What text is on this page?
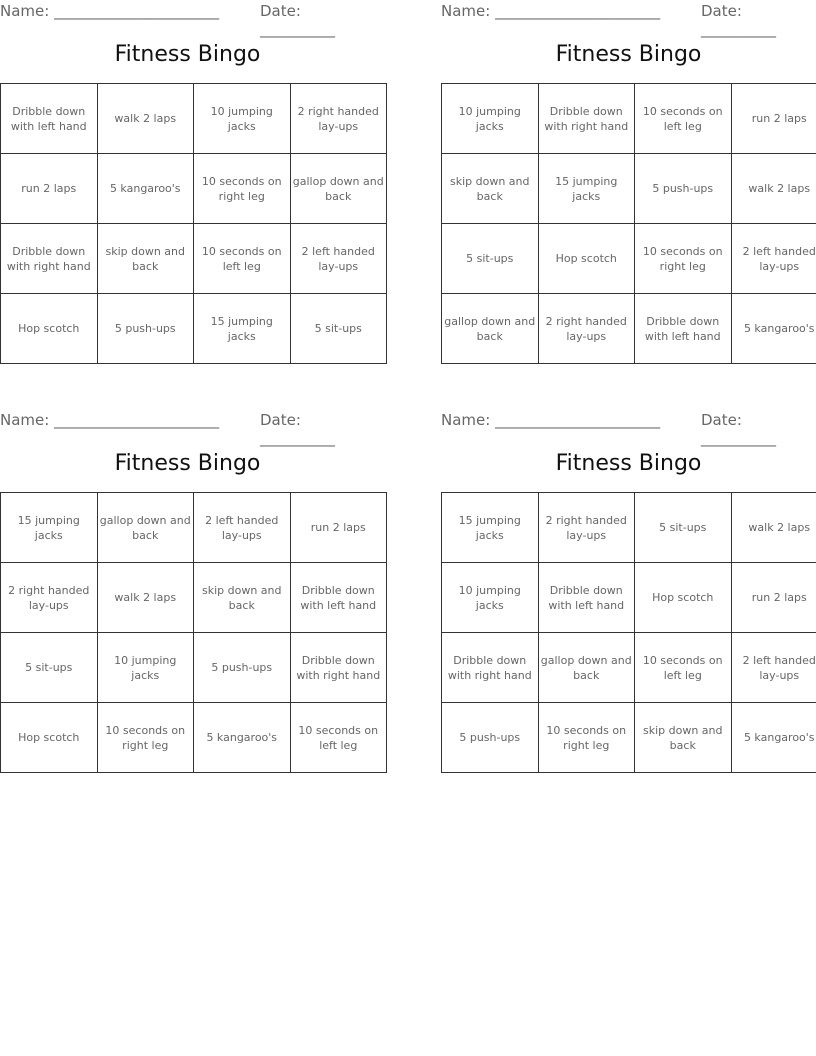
Name: ______________________	Date: __________
Fitness Bingo
Dribble down with left hand	walk 2 laps	10 jumping jacks	2 right handed lay-ups
run 2 laps	5 kangaroo's	10 seconds on right leg	gallop down and back
Dribble down with right hand	skip down and back	10 seconds on left leg	2 left handed lay-ups
Hop scotch	5 push-ups	15 jumping jacks	5 sit-ups
Name: ______________________	Date: __________
Fitness Bingo
10 jumping jacks	Dribble down with right hand	10 seconds on left leg	run 2 laps
skip down and back	15 jumping jacks	5 push-ups	walk 2 laps
5 sit-ups	Hop scotch	10 seconds on right leg	2 left handed lay-ups
gallop down and back	2 right handed lay-ups	Dribble down with left hand	5 kangaroo's
Name: ______________________	Date: __________
Fitness Bingo
15 jumping jacks	gallop down and back	2 left handed lay-ups	run 2 laps
2 right handed lay-ups	walk 2 laps	skip down and back	Dribble down with left hand
5 sit-ups	10 jumping jacks	5 push-ups	Dribble down with right hand
Hop scotch	10 seconds on right leg	5 kangaroo's	10 seconds on left leg
Name: ______________________	Date: __________
Fitness Bingo
15 jumping jacks	2 right handed lay-ups	5 sit-ups	walk 2 laps
10 jumping jacks	Dribble down with left hand	Hop scotch	run 2 laps
Dribble down with right hand	gallop down and back	10 seconds on left leg	2 left handed lay-ups
5 push-ups	10 seconds on right leg	skip down and back	5 kangaroo's
